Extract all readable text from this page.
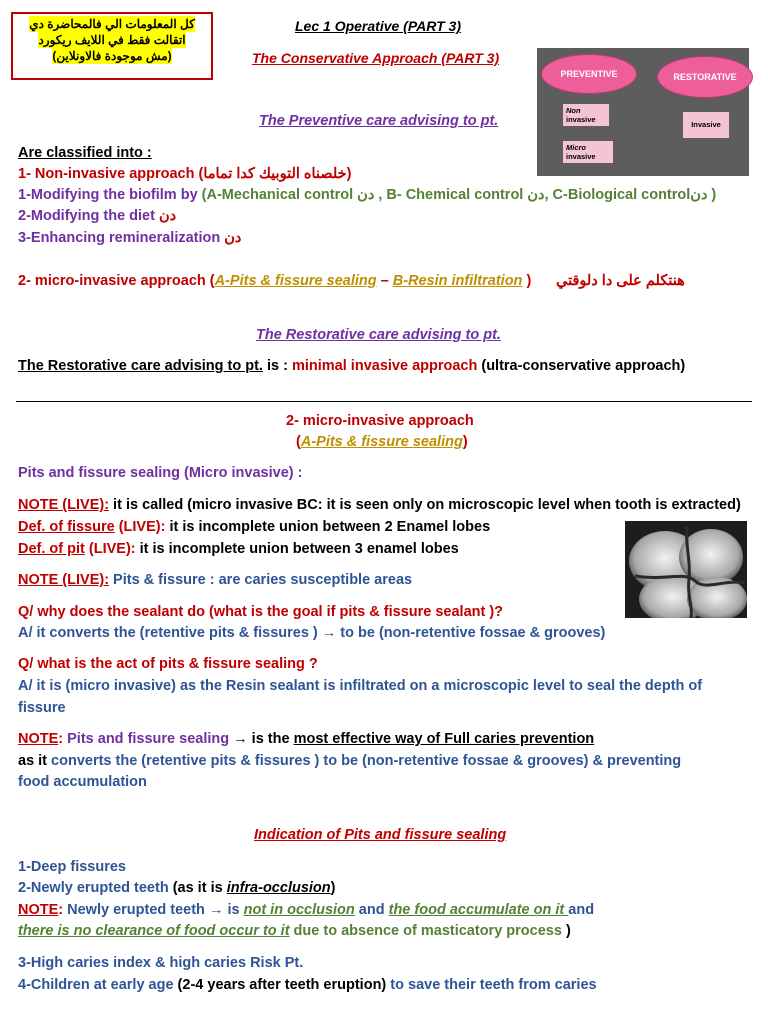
كل المعلومات الي فالمحاضرة دي
اتقالت فقط في اللايف ريكورد
(مش موجودة فالاونلاين)
Lec 1 Operative (PART 3)
The Conservative Approach (PART 3)
PREVENTIVE	RESTORATIVE
Non
invasive
Micro
invasive
Invasive
The Preventive care advising to pt.
Are classified into :
1- Non-invasive approach (خلصناه التوبيك كدا تماما)
1-Modifying the biofilm by (A-Mechanical control دن , B- Chemical control دن, C-Biological controlدن )
2-Modifying the diet دن
3-Enhancing remineralization دن
2- micro-invasive approach (A-Pits & fissure sealing – B-Resin infiltration ) هنتكلم على دا دلوقتي
The Restorative care advising to pt.
The Restorative care advising to pt. is : minimal invasive approach (ultra-conservative approach)
2- micro-invasive approach
(A-Pits & fissure sealing)
Pits and fissure sealing (Micro invasive) :
NOTE (LIVE): it is called (micro invasive BC: it is seen only on microscopic level when tooth is extracted)
Def. of fissure (LIVE): it is incomplete union between 2 Enamel lobes
Def. of pit (LIVE): it is incomplete union between 3 enamel lobes
NOTE (LIVE): Pits & fissure : are caries susceptible areas
Q/ why does the sealant do (what is the goal if pits & fissure sealant )?
A/ it converts the (retentive pits & fissures ) → to be (non-retentive fossae & grooves)
Q/ what is the act of pits & fissure sealing ?
A/ it is (micro invasive) as the Resin sealant is infiltrated on a microscopic level to seal the depth of
fissure
NOTE: Pits and fissure sealing → is the most effective way of Full caries prevention
as it converts the (retentive pits & fissures ) to be (non-retentive fossae & grooves) & preventing
food accumulation
Indication of Pits and fissure sealing
1-Deep fissures
2-Newly erupted teeth (as it is infra-occlusion)
NOTE: Newly erupted teeth → is not in occlusion and the food accumulate on it and
there is no clearance of food occur to it due to absence of masticatory process )
3-High caries index & high caries Risk Pt.
4-Children at early age (2-4 years after teeth eruption) to save their teeth from caries
